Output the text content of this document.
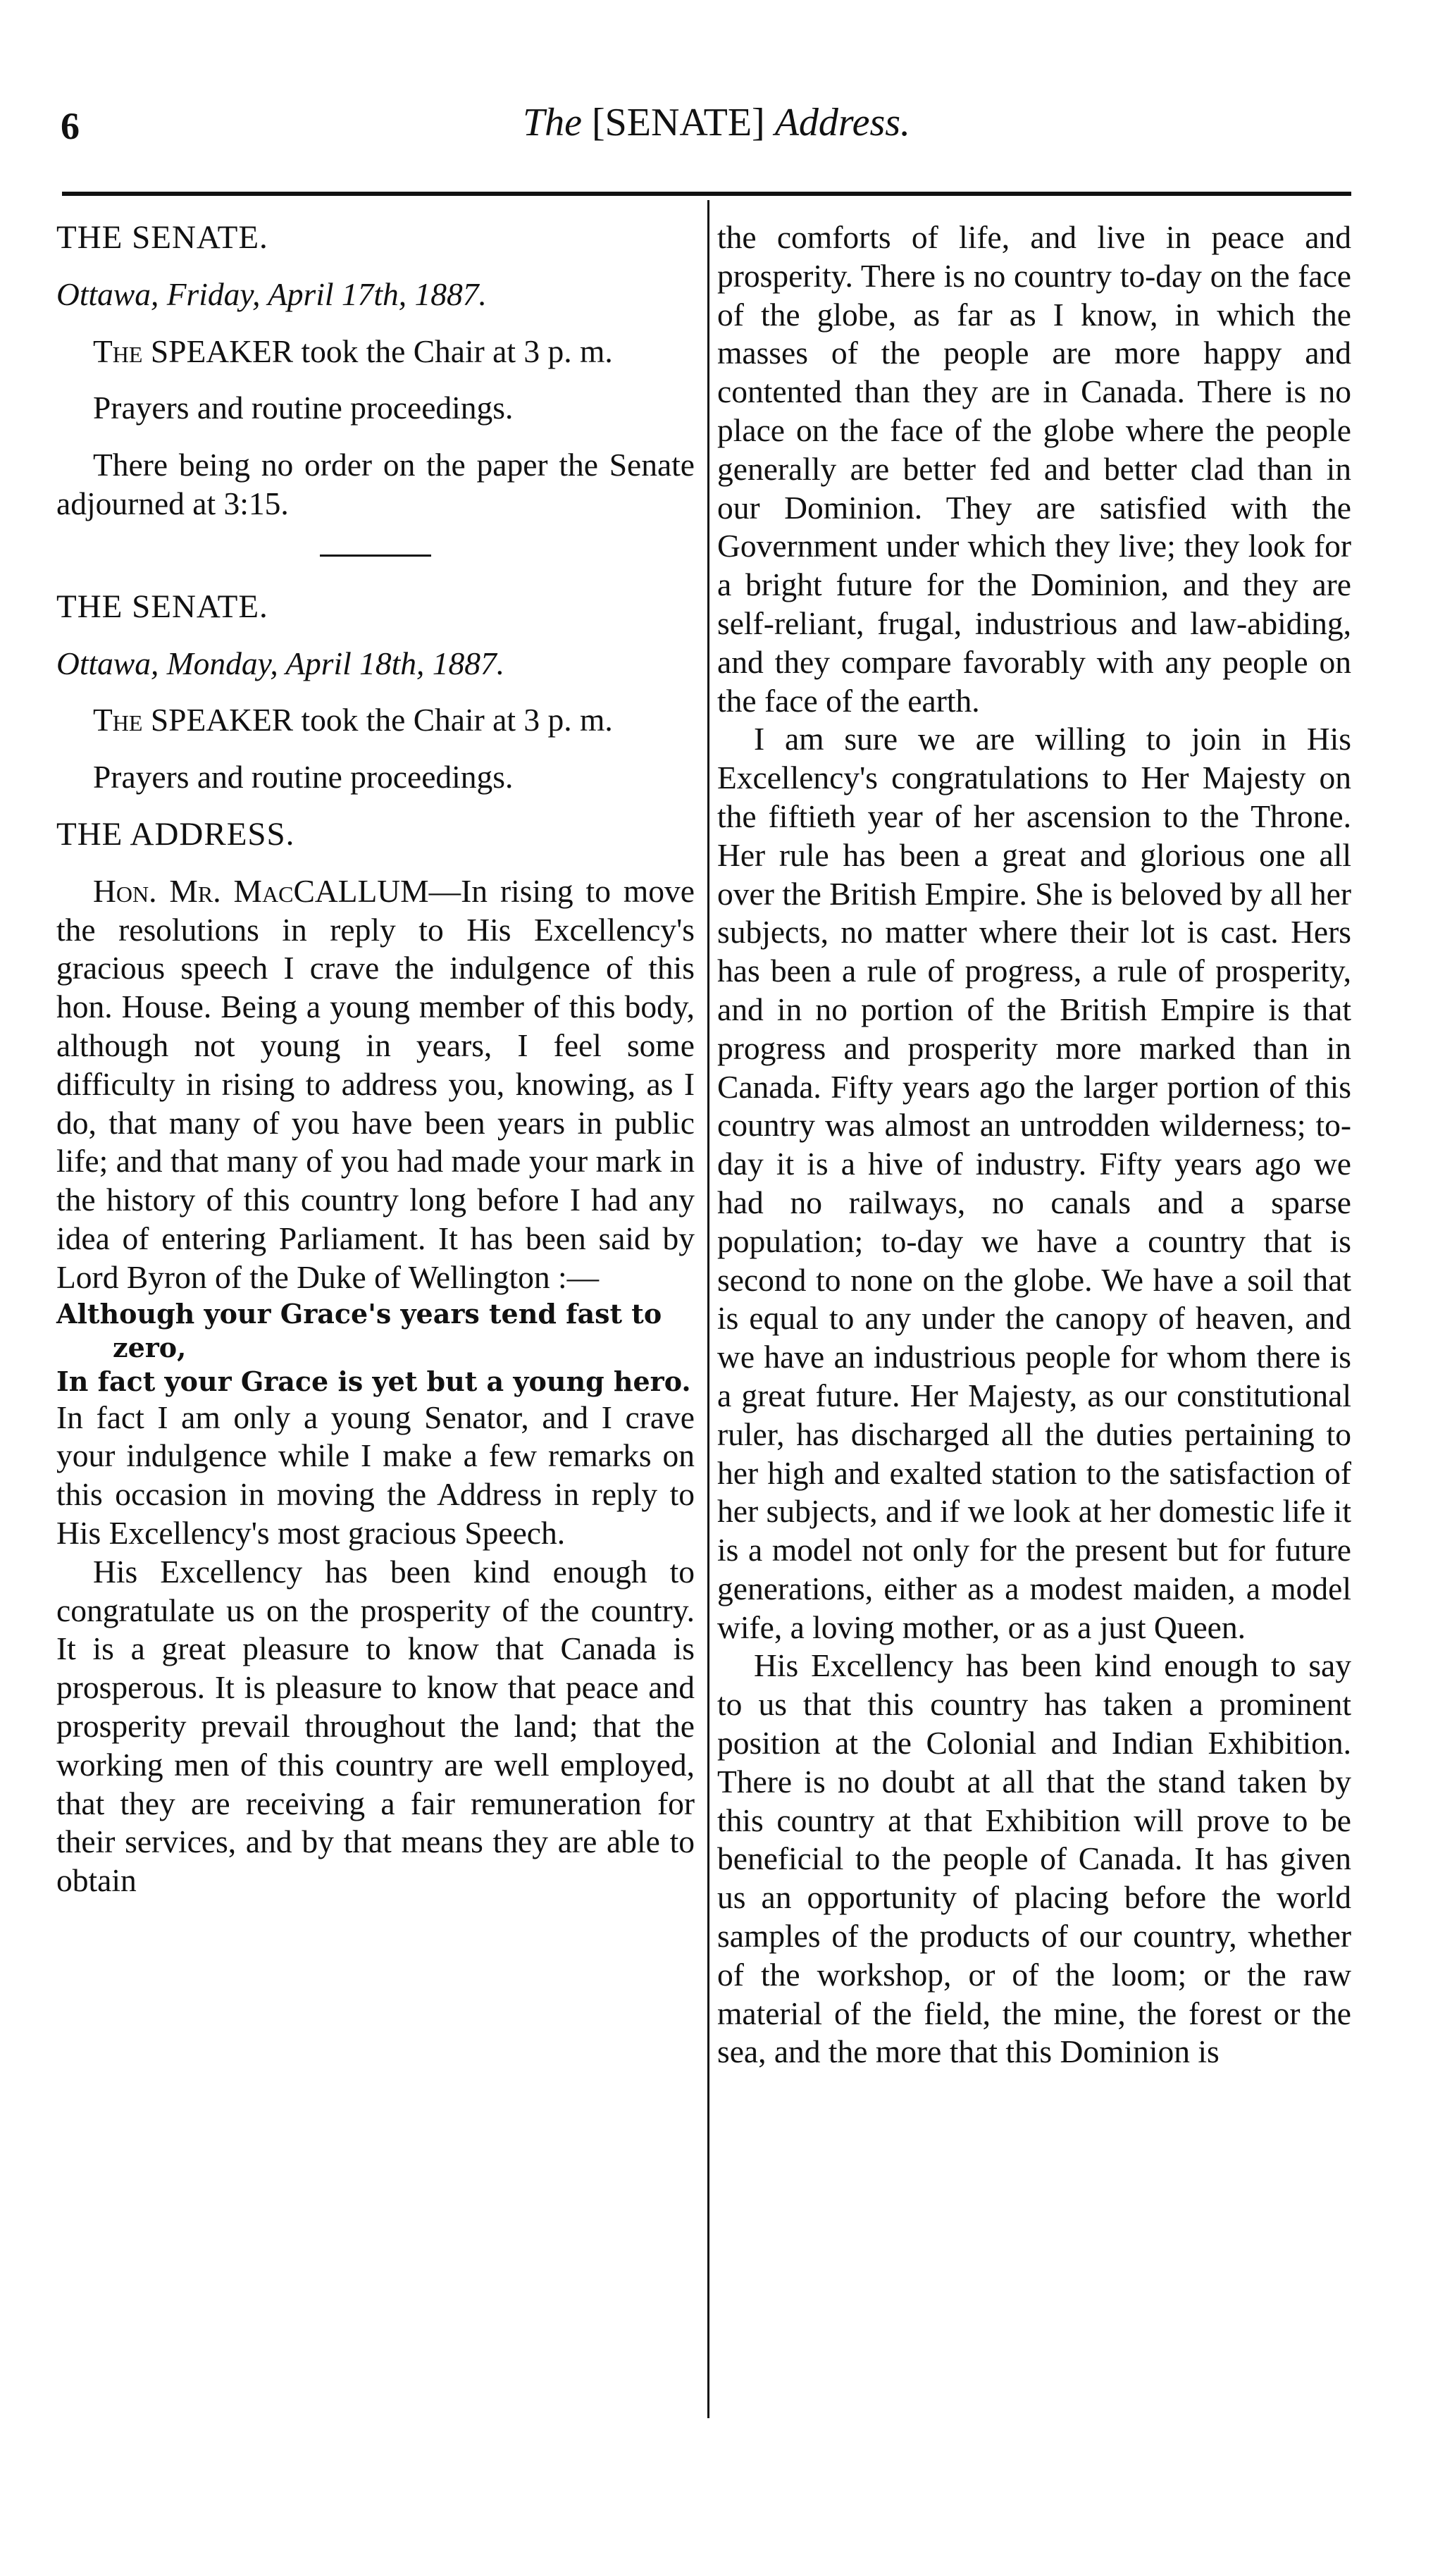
6	The [SENATE] Address.

THE SENATE.

Ottawa, Friday, April 17th, 1887.

The SPEAKER took the Chair at 3 p. m.

Prayers and routine proceedings.

There being no order on the paper the Senate adjourned at 3:15.

THE SENATE.

Ottawa, Monday, April 18th, 1887.

The SPEAKER took the Chair at 3 p. m.

Prayers and routine proceedings.

THE ADDRESS.

Hon. Mr. MacCALLUM—In rising to move the resolutions in reply to His Excellency's gracious speech I crave the indulgence of this hon. House. Being a young member of this body, although not young in years, I feel some difficulty in rising to address you, knowing, as I do, that many of you have been years in public life; and that many of you had made your mark in the history of this country long before I had any idea of entering Parliament. It has been said by Lord Byron of the Duke of Wellington :—

Although your Grace's years tend fast to
zero,
In fact your Grace is yet but a young hero.

In fact I am only a young Senator, and I crave your indulgence while I make a few remarks on this occasion in moving the Address in reply to His Excellency's most gracious Speech.

His Excellency has been kind enough to congratulate us on the prosperity of the country. It is a great pleasure to know that Canada is prosperous. It is pleasure to know that peace and prosperity prevail throughout the land; that the working men of this country are well employed, that they are receiving a fair remuneration for their services, and by that means they are able to obtain

the comforts of life, and live in peace and prosperity. There is no country to-day on the face of the globe, as far as I know, in which the masses of the people are more happy and contented than they are in Canada. There is no place on the face of the globe where the people generally are better fed and better clad than in our Dominion. They are satisfied with the Government under which they live; they look for a bright future for the Dominion, and they are self-reliant, frugal, industrious and law-abiding, and they compare favorably with any people on the face of the earth.

I am sure we are willing to join in His Excellency's congratulations to Her Majesty on the fiftieth year of her ascension to the Throne. Her rule has been a great and glorious one all over the British Empire. She is beloved by all her subjects, no matter where their lot is cast. Hers has been a rule of progress, a rule of prosperity, and in no portion of the British Empire is that progress and prosperity more marked than in Canada. Fifty years ago the larger portion of this country was almost an untrodden wilderness; to-day it is a hive of industry. Fifty years ago we had no railways, no canals and a sparse population; to-day we have a country that is second to none on the globe. We have a soil that is equal to any under the canopy of heaven, and we have an industrious people for whom there is a great future. Her Majesty, as our constitutional ruler, has discharged all the duties pertaining to her high and exalted station to the satisfaction of her subjects, and if we look at her domestic life it is a model not only for the present but for future generations, either as a modest maiden, a model wife, a loving mother, or as a just Queen.

His Excellency has been kind enough to say to us that this country has taken a prominent position at the Colonial and Indian Exhibition. There is no doubt at all that the stand taken by this country at that Exhibition will prove to be beneficial to the people of Canada. It has given us an opportunity of placing before the world samples of the products of our country, whether of the workshop, or of the loom; or the raw material of the field, the mine, the forest or the sea, and the more that this Dominion is
